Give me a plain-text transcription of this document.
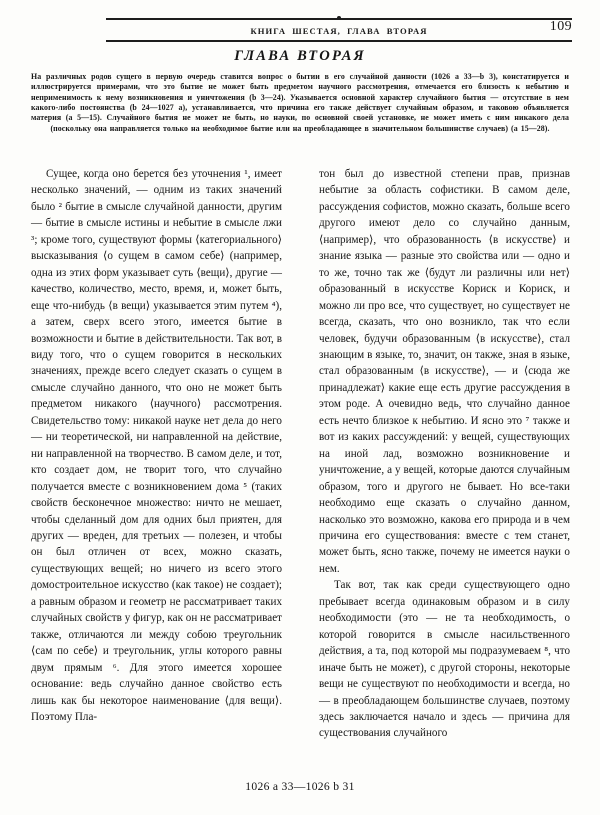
КНИГА ШЕСТАЯ, ГЛАВА ВТОРАЯ	109
ГЛАВА ВТОРАЯ
На различных родов сущего в первую очередь ставится вопрос о бытии в его случайной данности (1026 a 33—b 3), констатируется и иллюстрируется примерами, что это бытие не может быть предметом научного рассмотрения, отмечается его близость к небытию и неприменимость к нему возникновения и уничтожения (b 3—24). Указывается основной характер случайного бытия — отсутствие в нем какого-либо постоянства (b 24—1027 a), устанавливается, что причина его также действует случайным образом, и таковою объявляется материя (a 5—15). Случайного бытия не может не быть, но науки, по основной своей установке, не может иметь с ним никакого дела (поскольку она направляется только на необходимое бытие или на преобладающее в значительном большинстве случаев) (a 15—28).

Сущее, когда оно берется без уточнения ¹, имеет несколько значений, — одним из таких значений было ² бытие в смысле случайной данности, другим — бытие в смысле истины и небытие в смысле лжи ³; кроме того, существуют формы ⟨категориального⟩ высказывания ⟨о сущем в самом себе⟩ (например, одна из этих форм указывает суть ⟨вещи⟩, другие — качество, количество, место, время, и, может быть, еще что-нибудь ⟨в вещи⟩ указывается этим путем ⁴), а затем, сверх всего этого, имеется бытие в возможности и бытие в действительности. Так вот, в виду того, что о сущем говорится в нескольких значениях, прежде всего следует сказать о сущем в смысле случайно данного, что оно не может быть предметом никакого ⟨научного⟩ рассмотрения. Свидетельство тому: никакой науке нет дела до него — ни теоретической, ни направленной на действие, ни направленной на творчество. В самом деле, и тот, кто создает дом, не творит того, что случайно получается вместе с возникновением дома ⁵ (таких свойств бесконечное множество: ничто не мешает, чтобы сделанный дом для одних был приятен, для других — вреден, для третьих — полезен, и чтобы он был отличен от всех, можно сказать, существующих вещей; но ничего из всего этого домостроительное искусство (как такое) не создает); а равным образом и геометр не рассматривает таких случайных свойств у фигур, как он не рассматривает также, отличаются ли между собою треугольник ⟨сам по себе⟩ и треугольник, углы которого равны двум прямым ⁶. Для этого имеется хорошее основание: ведь случайно данное свойство есть лишь как бы некоторое наименование ⟨для вещи⟩. Поэтому Пла-

тон был до известной степени прав, признав небытие за область софистики. В самом деле, рассуждения софистов, можно сказать, больше всего другого имеют дело со случайно данным, ⟨например⟩, что образованность ⟨в искусстве⟩ и знание языка — разные это свойства или — одно и то же, точно так же ⟨будут ли различны или нет⟩ образованный в искусстве Кориск и Кориск, и можно ли про все, что существует, но существует не всегда, сказать, что оно возникло, так что если человек, будучи образованным ⟨в искусстве⟩, стал знающим в языке, то, значит, он также, зная в языке, стал образованным ⟨в искусстве⟩, — и ⟨сюда же принадлежат⟩ какие еще есть другие рассуждения в этом роде. А очевидно ведь, что случайно данное есть нечто близкое к небытию. И ясно это ⁷ также и вот из каких рассуждений: у вещей, существующих на иной лад, возможно возникновение и уничтожение, а у вещей, которые даются случайным образом, того и другого не бывает. Но все-таки необходимо еще сказать о случайно данном, насколько это возможно, какова его природа и в чем причина его существования: вместе с тем станет, может быть, ясно также, почему не имеется науки о нем.

Так вот, так как среди существующего одно пребывает всегда одинаковым образом и в силу необходимости (это — не та необходимость, о которой говорится в смысле насильственного действия, а та, под которой мы подразумеваем ⁸, что иначе быть не может), с другой стороны, некоторые вещи не существуют по необходимости и всегда, но — в преобладающем большинстве случаев, поэтому здесь заключается начало и здесь — причина для существования случайного

1026 a 33—1026 b 31
